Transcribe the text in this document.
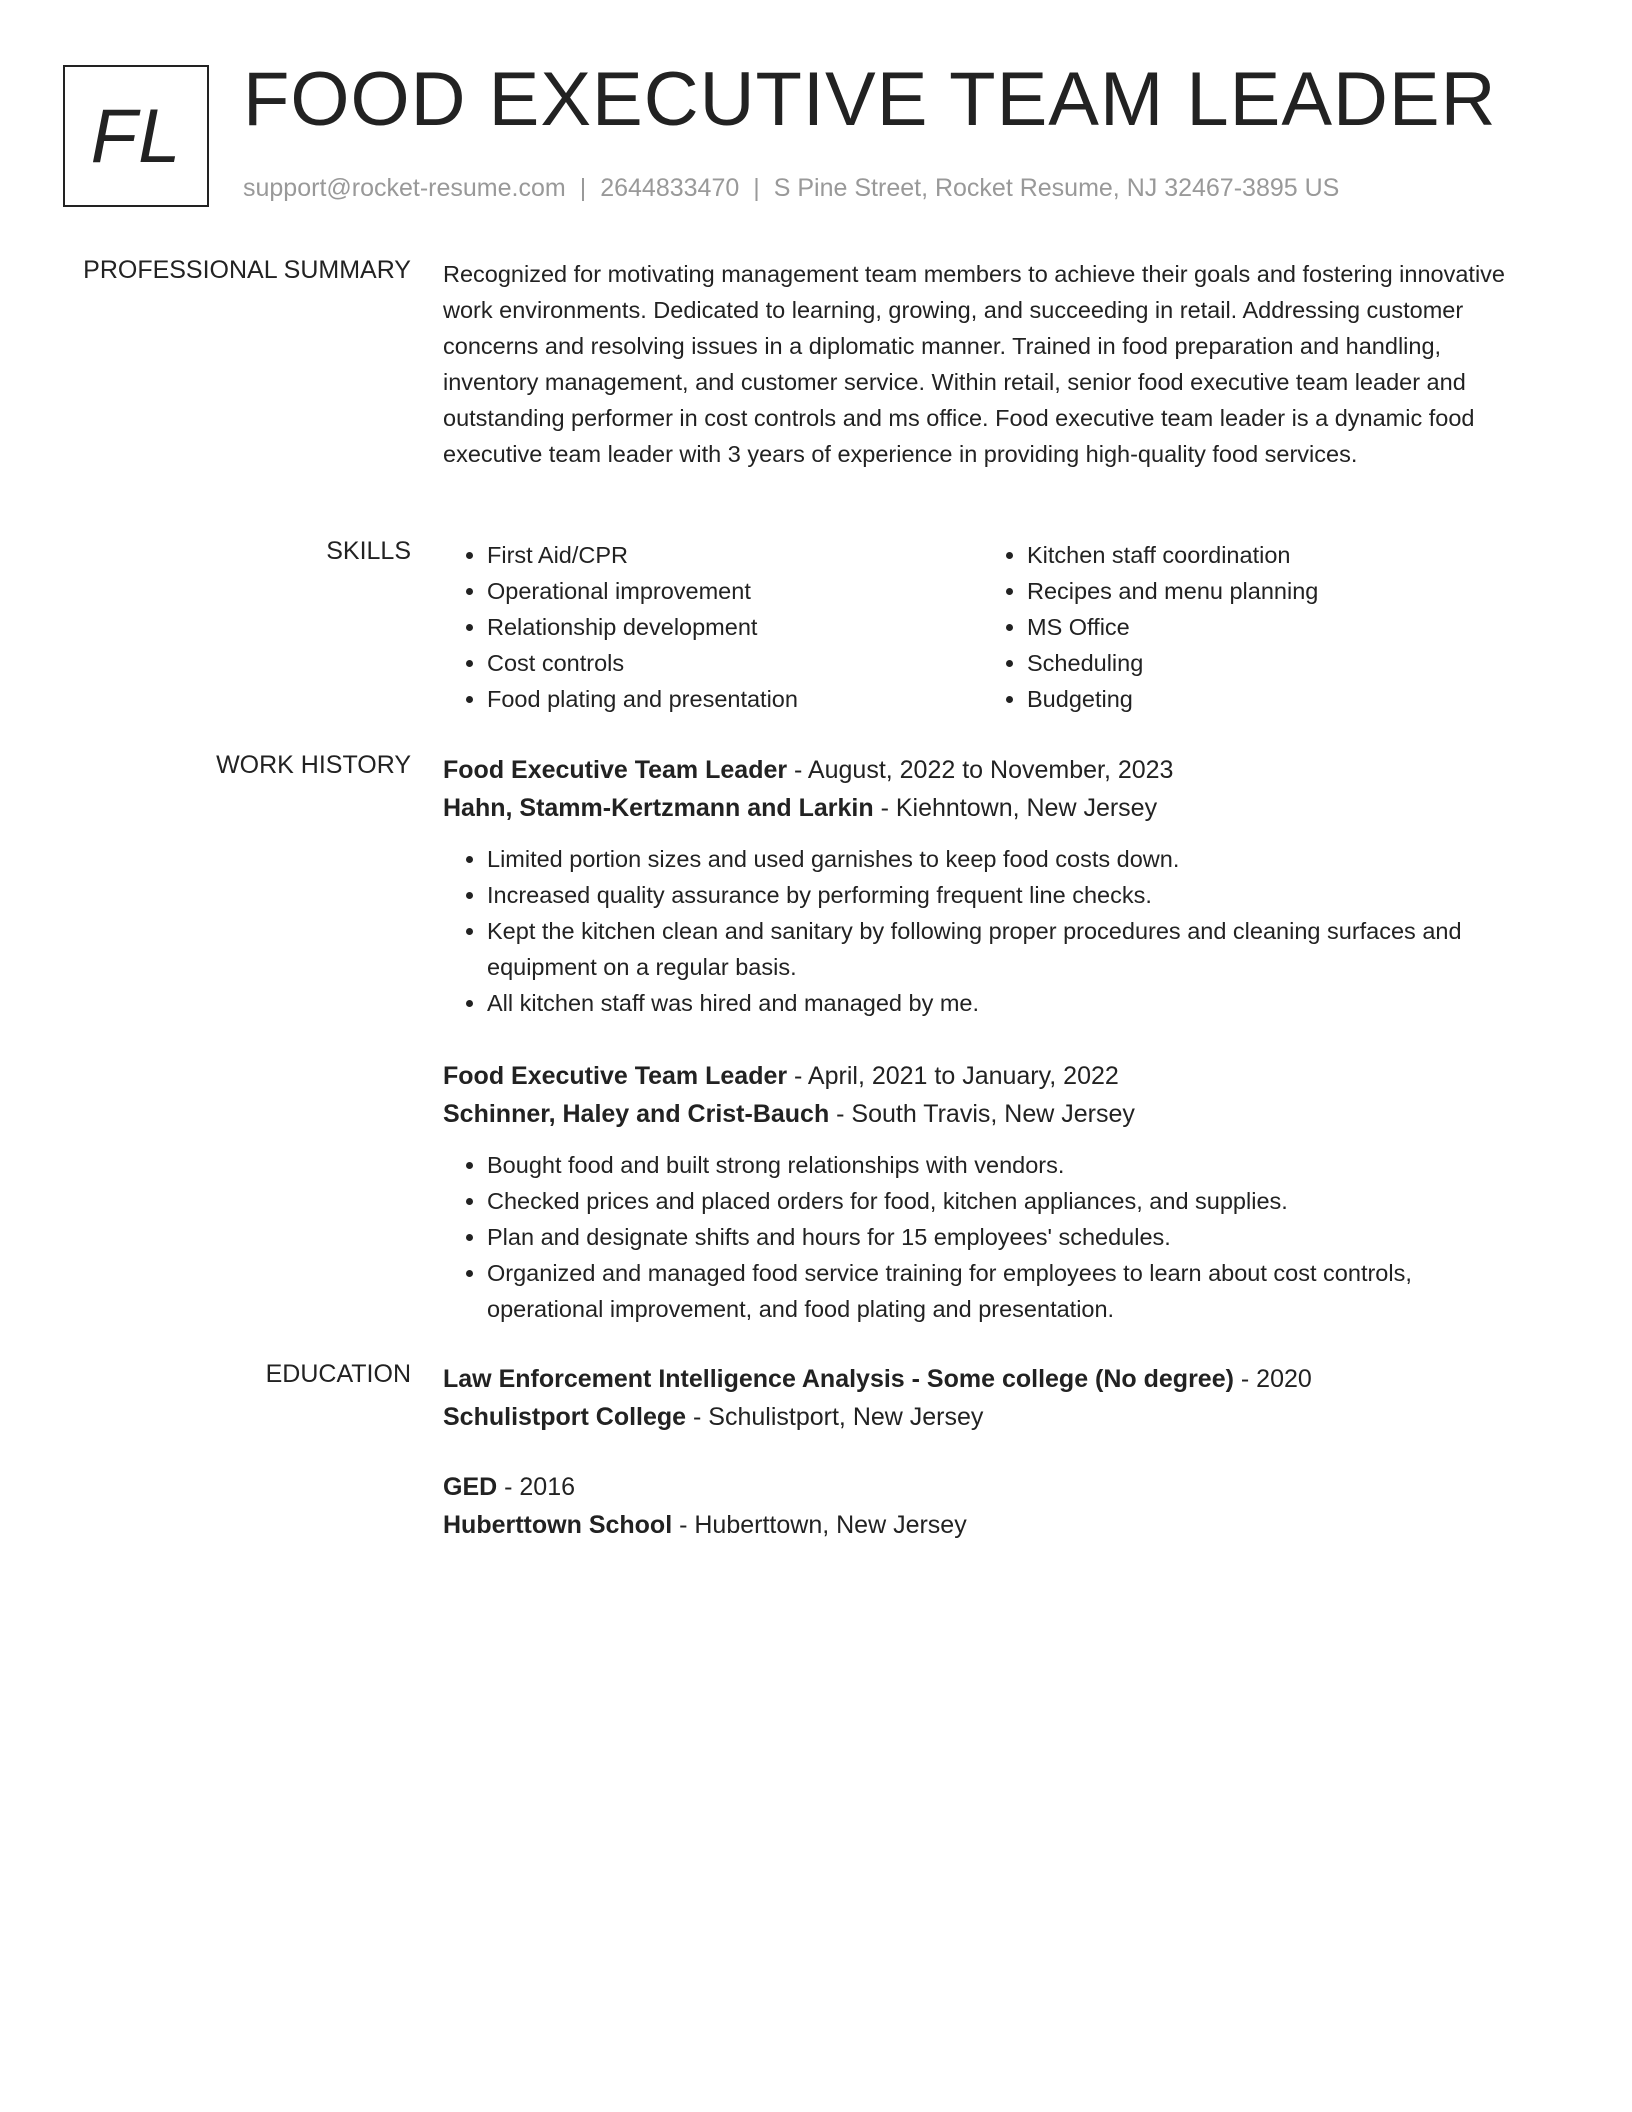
FL FOOD EXECUTIVE TEAM LEADER
support@rocket-resume.com | 2644833470 | S Pine Street, Rocket Resume, NJ 32467-3895 US
PROFESSIONAL SUMMARY Recognized for motivating management team members to achieve their goals and fostering innovative work environments. Dedicated to learning, growing, and succeeding in retail. Addressing customer concerns and resolving issues in a diplomatic manner. Trained in food preparation and handling, inventory management, and customer service. Within retail, senior food executive team leader and outstanding performer in cost controls and ms office. Food executive team leader is a dynamic food executive team leader with 3 years of experience in providing high-quality food services.

SKILLS
•	First Aid/CPR
• Operational improvement
• Relationship development
• Cost controls
• Food plating and presentation
• Kitchen staff coordination
• Recipes and menu planning
• MS Office
• Scheduling
• Budgeting
WORK HISTORY Food Executive Team Leader - August, 2022 to November, 2023
Hahn, Stamm-Kertzmann and Larkin - Kiehntown, New Jersey
• Limited portion sizes and used garnishes to keep food costs down.
• Increased quality assurance by performing frequent line checks.
• Kept the kitchen clean and sanitary by following proper procedures and cleaning surfaces and equipment on a regular basis.
• All kitchen staff was hired and managed by me.
Food Executive Team Leader - April, 2021 to January, 2022
Schinner, Haley and Crist-Bauch - South Travis, New Jersey
• Bought food and built strong relationships with vendors.
• Checked prices and placed orders for food, kitchen appliances, and supplies.
• Plan and designate shifts and hours for 15 employees' schedules.
• Organized and managed food service training for employees to learn about cost controls, operational improvement, and food plating and presentation.
EDUCATION Law Enforcement Intelligence Analysis - Some college (No degree) - 2020
Schulistport College - Schulistport, New Jersey
GED - 2016
Huberttown School - Huberttown, New Jersey
